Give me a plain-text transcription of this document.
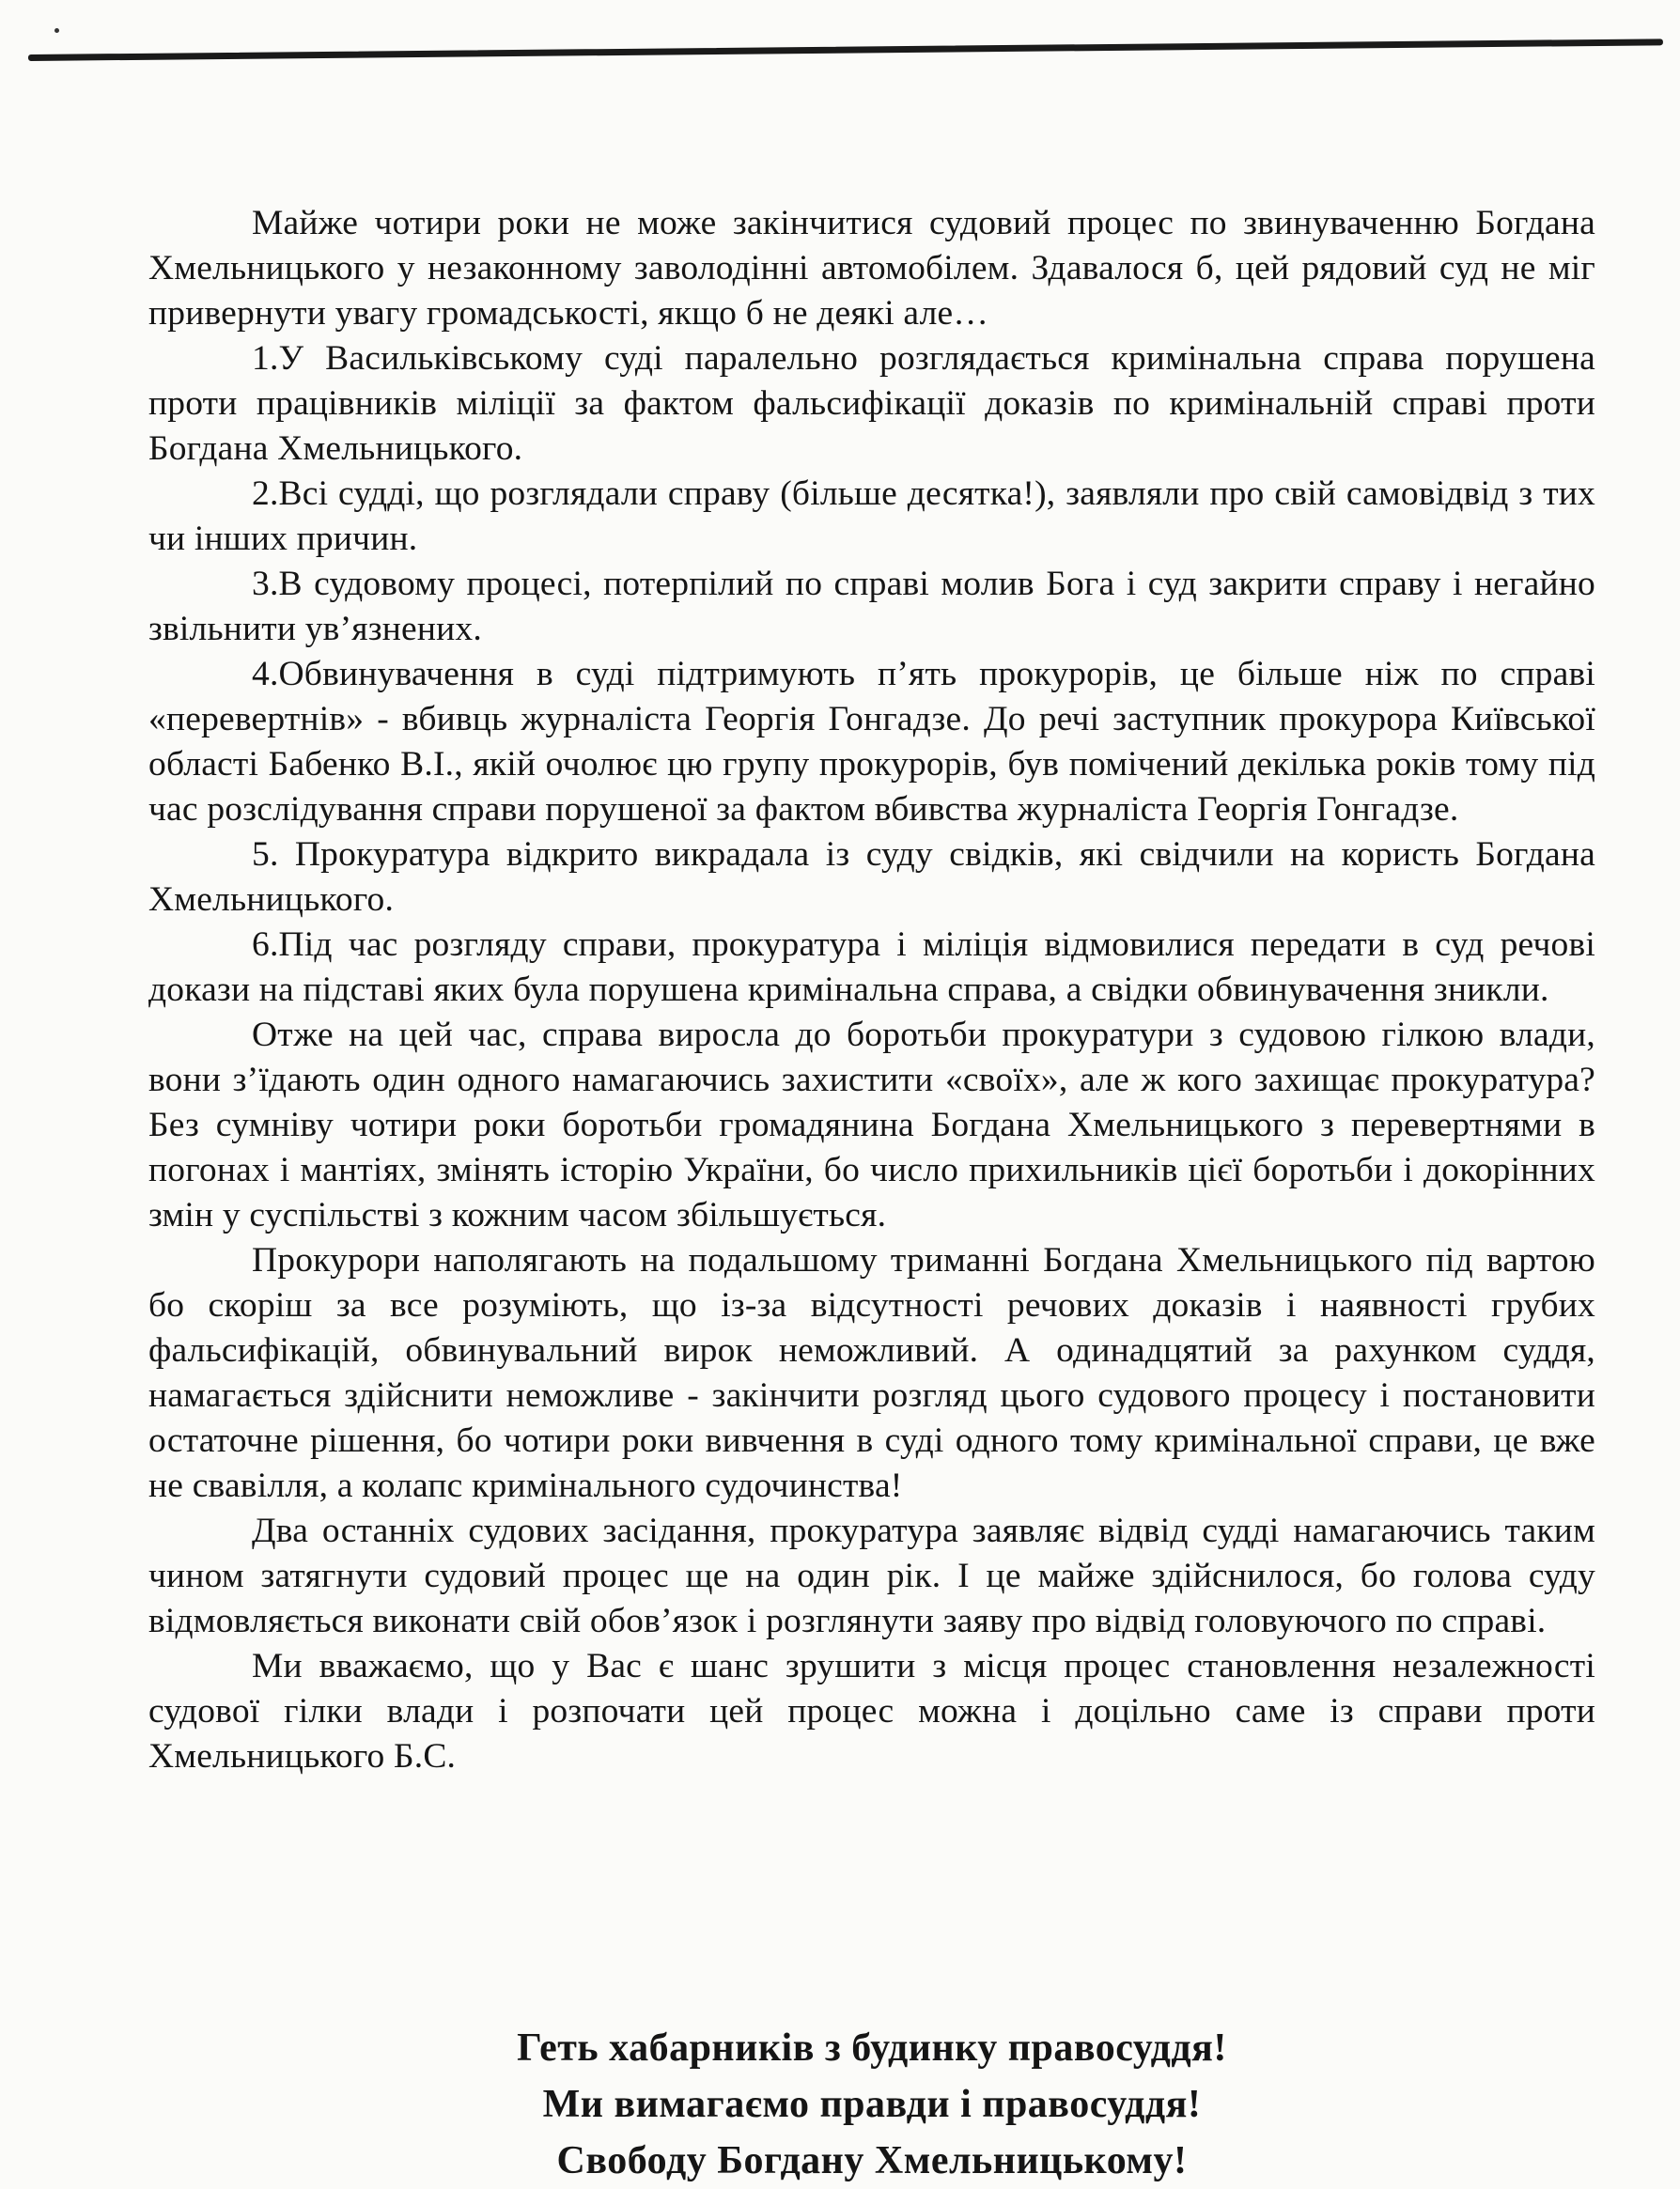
Майже чотири роки не може закінчитися судовий процес по звинуваченню Богдана Хмельницького у незаконному заволодінні автомобілем. Здавалося б, цей рядовий суд не міг привернути увагу громадськості, якщо б не деякі але…

1.У Васильківському суді паралельно розглядається кримінальна справа порушена проти працівників міліції за фактом фальсифікації доказів по кримінальній справі проти Богдана Хмельницького.

2.Всі судді, що розглядали справу (більше десятка!), заявляли про свій самовідвід з тих чи інших причин.

3.В судовому процесі, потерпілий по справі молив Бога і суд закрити справу і негайно звільнити ув’язнених.

4.Обвинувачення в суді підтримують п’ять прокурорів, це більше ніж по справі «перевертнів» - вбивць журналіста Георгія Гонгадзе. До речі заступник прокурора Київської області Бабенко В.І., якій очолює цю групу прокурорів, був помічений декілька років тому під час розслідування справи порушеної за фактом вбивства журналіста Георгія Гонгадзе.

5. Прокуратура відкрито викрадала із суду свідків, які свідчили на користь Богдана Хмельницького.

6.Під час розгляду справи, прокуратура і міліція відмовилися передати в суд речові докази на підставі яких була порушена кримінальна справа, а свідки обвинувачення зникли.

Отже на цей час, справа виросла до боротьби прокуратури з судовою гілкою влади, вони з’їдають один одного намагаючись захистити «своїх», але ж кого захищає прокуратура? Без сумніву чотири роки боротьби громадянина Богдана Хмельницького з перевертнями в погонах і мантіях, змінять історію України, бо число прихильників цієї боротьби і докорінних змін у суспільстві з кожним часом збільшується.

Прокурори наполягають на подальшому триманні Богдана Хмельницького під вартою бо скоріш за все розуміють, що із-за відсутності речових доказів і наявності грубих фальсифікацій, обвинувальний вирок неможливий. А одинадцятий за рахунком суддя, намагається здійснити неможливе - закінчити розгляд цього судового процесу і постановити остаточне рішення, бо чотири роки вивчення в суді одного тому кримінальної справи, це вже не свавілля, а колапс кримінального судочинства!

Два останніх судових засідання, прокуратура заявляє відвід судді намагаючись таким чином затягнути судовий процес ще на один рік. І це майже здійснилося, бо голова суду відмовляється виконати свій обов’язок і розглянути заяву про відвід головуючого по справі.

Ми вважаємо, що у Вас є шанс зрушити з місця процес становлення незалежності судової гілки влади і розпочати цей процес можна і доцільно саме із справи проти Хмельницького Б.С.

Геть хабарників з будинку правосуддя!

Ми вимагаємо правди і правосуддя!

Свободу Богдану Хмельницькому!
